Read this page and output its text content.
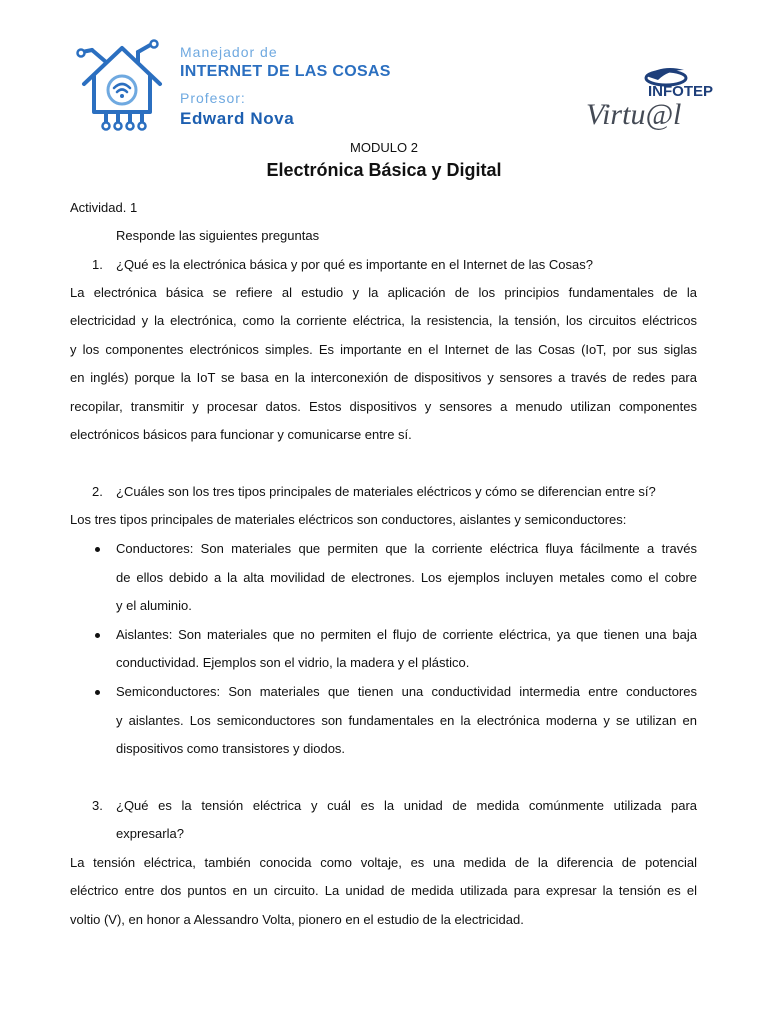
Manejador de
INTERNET DE LAS COSAS
Profesor:
Edward Nova
INFOTEP
Virtu@l
MODULO 2
Electrónica Básica y Digital
Actividad. 1
Responde las siguientes preguntas
1. ¿Qué es la electrónica básica y por qué es importante en el Internet de las Cosas?
La electrónica básica se refiere al estudio y la aplicación de los principios fundamentales de la
electricidad y la electrónica, como la corriente eléctrica, la resistencia, la tensión, los circuitos eléctricos
y los componentes electrónicos simples. Es importante en el Internet de las Cosas (IoT, por sus siglas
en inglés) porque la IoT se basa en la interconexión de dispositivos y sensores a través de redes para
recopilar, transmitir y procesar datos. Estos dispositivos y sensores a menudo utilizan componentes
electrónicos básicos para funcionar y comunicarse entre sí.
2. ¿Cuáles son los tres tipos principales de materiales eléctricos y cómo se diferencian entre sí?
Los tres tipos principales de materiales eléctricos son conductores, aislantes y semiconductores:
Conductores: Son materiales que permiten que la corriente eléctrica fluya fácilmente a través
de ellos debido a la alta movilidad de electrones. Los ejemplos incluyen metales como el cobre
y el aluminio.
Aislantes: Son materiales que no permiten el flujo de corriente eléctrica, ya que tienen una baja
conductividad. Ejemplos son el vidrio, la madera y el plástico.
Semiconductores: Son materiales que tienen una conductividad intermedia entre conductores
y aislantes. Los semiconductores son fundamentales en la electrónica moderna y se utilizan en
dispositivos como transistores y diodos.
3. ¿Qué es la tensión eléctrica y cuál es la unidad de medida comúnmente utilizada para
expresarla?
La tensión eléctrica, también conocida como voltaje, es una medida de la diferencia de potencial
eléctrico entre dos puntos en un circuito. La unidad de medida utilizada para expresar la tensión es el
voltio (V), en honor a Alessandro Volta, pionero en el estudio de la electricidad.
